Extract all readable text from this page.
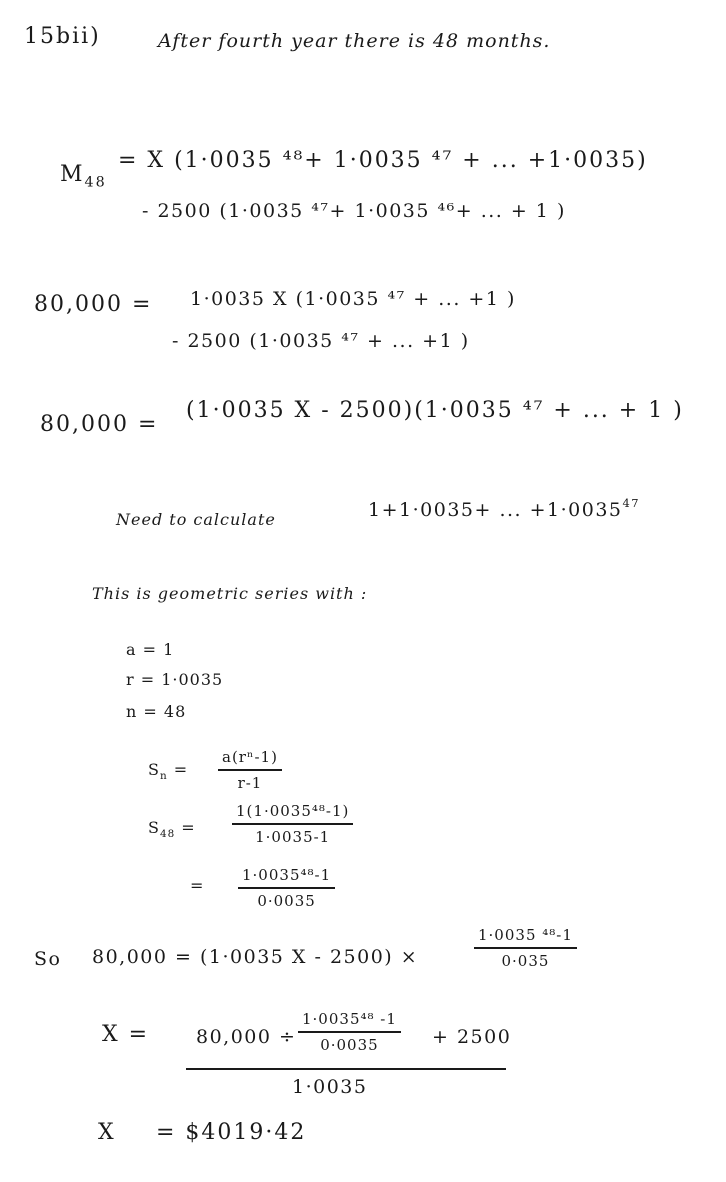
15bii)	After fourth year there is 48 months.
$M_{48}$
= X (1·0035 ⁴⁸+ 1·0035 ⁴⁷ + ... +1·0035)
- 2500 (1·0035 ⁴⁷+ 1·0035 ⁴⁶+ ... + 1 )
80,000 = 1·0035 X (1·0035 ⁴⁷ + ... +1 )
- 2500 (1·0035 ⁴⁷ + ... +1 )
80,000 =
(1·0035 X - 2500)(1·0035 ⁴⁷ + ... + 1 )
Need to calculate	1+1·0035+ ... $+1\cdot 0035^{47}$
This is geometric series with :
a = 1
r = 1·0035
n = 48
$S_n$ =
a(rⁿ-1)
r-1
$S_{48}$ =
1(1·0035⁴⁸-1)
1·0035-1
=
1·0035⁴⁸-1
0·0035
So 80,000 = (1·0035 X - 2500) ×
1·0035 ⁴⁸-1
0·035
X = 80,000 ÷
1·0035⁴⁸ -1
0·0035	+ 2500
1·0035
X = $4019·42
